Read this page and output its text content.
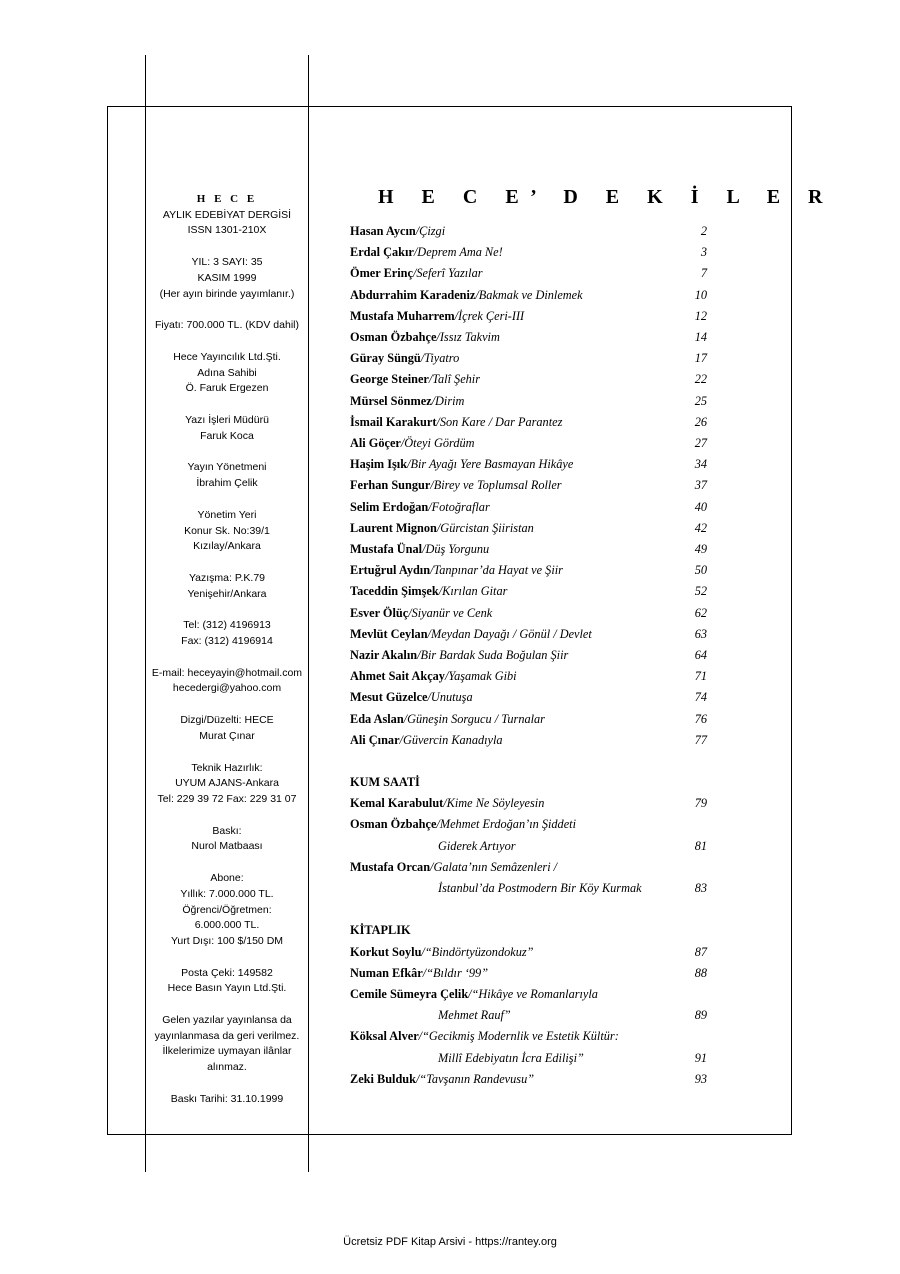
H E C E
AYLIK EDEBİYAT DERGİSİ
ISSN 1301-210X
YIL: 3 SAYI: 35
KASIM 1999
(Her ayın birinde yayımlanır.)
Fiyatı: 700.000 TL. (KDV dahil)
Hece Yayıncılık Ltd.Şti.
Adına Sahibi
Ö. Faruk Ergezen
Yazı İşleri Müdürü
Faruk Koca
Yayın Yönetmeni
İbrahim Çelik
Yönetim Yeri
Konur Sk. No:39/1
Kızılay/Ankara
Yazışma: P.K.79
Yenişehir/Ankara
Tel: (312) 4196913
Fax: (312) 4196914
E-mail: heceyayin@hotmail.com
hecedergi@yahoo.com
Dizgi/Düzelti: HECE
Murat Çınar
Teknik Hazırlık:
UYUM AJANS-Ankara
Tel: 229 39 72 Fax: 229 31 07
Baskı:
Nurol Matbaası
Abone:
Yıllık: 7.000.000 TL.
Öğrenci/Öğretmen:
6.000.000 TL.
Yurt Dışı: 100 $/150 DM
Posta Çeki: 149582
Hece Basın Yayın Ltd.Şti.
Gelen yazılar yayınlansa da
yayınlanmasa da geri verilmez.
İlkelerimize uymayan ilânlar
alınmaz.
Baskı Tarihi: 31.10.1999
H E C E’ D E K İ L E R
Hasan Aycın/Çizgi	2
Erdal Çakır/Deprem Ama Ne!	3
Ömer Erinç/Seferî Yazılar	7
Abdurrahim Karadeniz/Bakmak ve Dinlemek	10
Mustafa Muharrem/İçrek Çeri-III	12
Osman Özbahçe/Issız Takvim	14
Güray Süngü/Tiyatro	17
George Steiner/Talî Şehir	22
Mürsel Sönmez/Dirim	25
İsmail Karakurt/Son Kare / Dar Parantez	26
Ali Göçer/Öteyi Gördüm	27
Haşim Işık/Bir Ayağı Yere Basmayan Hikâye	34
Ferhan Sungur/Birey ve Toplumsal Roller	37
Selim Erdoğan/Fotoğraflar	40
Laurent Mignon/Gürcistan Şiiristan	42
Mustafa Ünal/Düş Yorgunu	49
Ertuğrul Aydın/Tanpınar’da Hayat ve Şiir	50
Taceddin Şimşek/Kırılan Gitar	52
Esver Ölüç/Siyanür ve Cenk	62
Mevlüt Ceylan/Meydan Dayağı / Gönül / Devlet	63
Nazir Akalın/Bir Bardak Suda Boğulan Şiir	64
Ahmet Sait Akçay/Yaşamak Gibi	71
Mesut Güzelce/Unutuşa	74
Eda Aslan/Güneşin Sorgucu / Turnalar	76
Ali Çınar/Güvercin Kanadıyla	77
KUM SAATİ
Kemal Karabulut/Kime Ne Söyleyesin	79
Osman Özbahçe/Mehmet Erdoğan’ın Şiddeti
Giderek Artıyor	81
Mustafa Orcan/Galata’nın Semâzenleri /
İstanbul’da Postmodern Bir Köy Kurmak	83
KİTAPLIK
Korkut Soylu/“Bindörtyüzondokuz”	87
Numan Efkâr/“Bıldır ‘99”	88
Cemile Sümeyra Çelik/“Hikâye ve Romanlarıyla
Mehmet Rauf”	89
Köksal Alver/“Gecikmiş Modernlik ve Estetik Kültür:
Millî Edebiyatın İcra Edilişi”	91
Zeki Bulduk/“Tavşanın Randevusu”	93
Ücretsiz PDF Kitap Arsivi - https://rantey.org
